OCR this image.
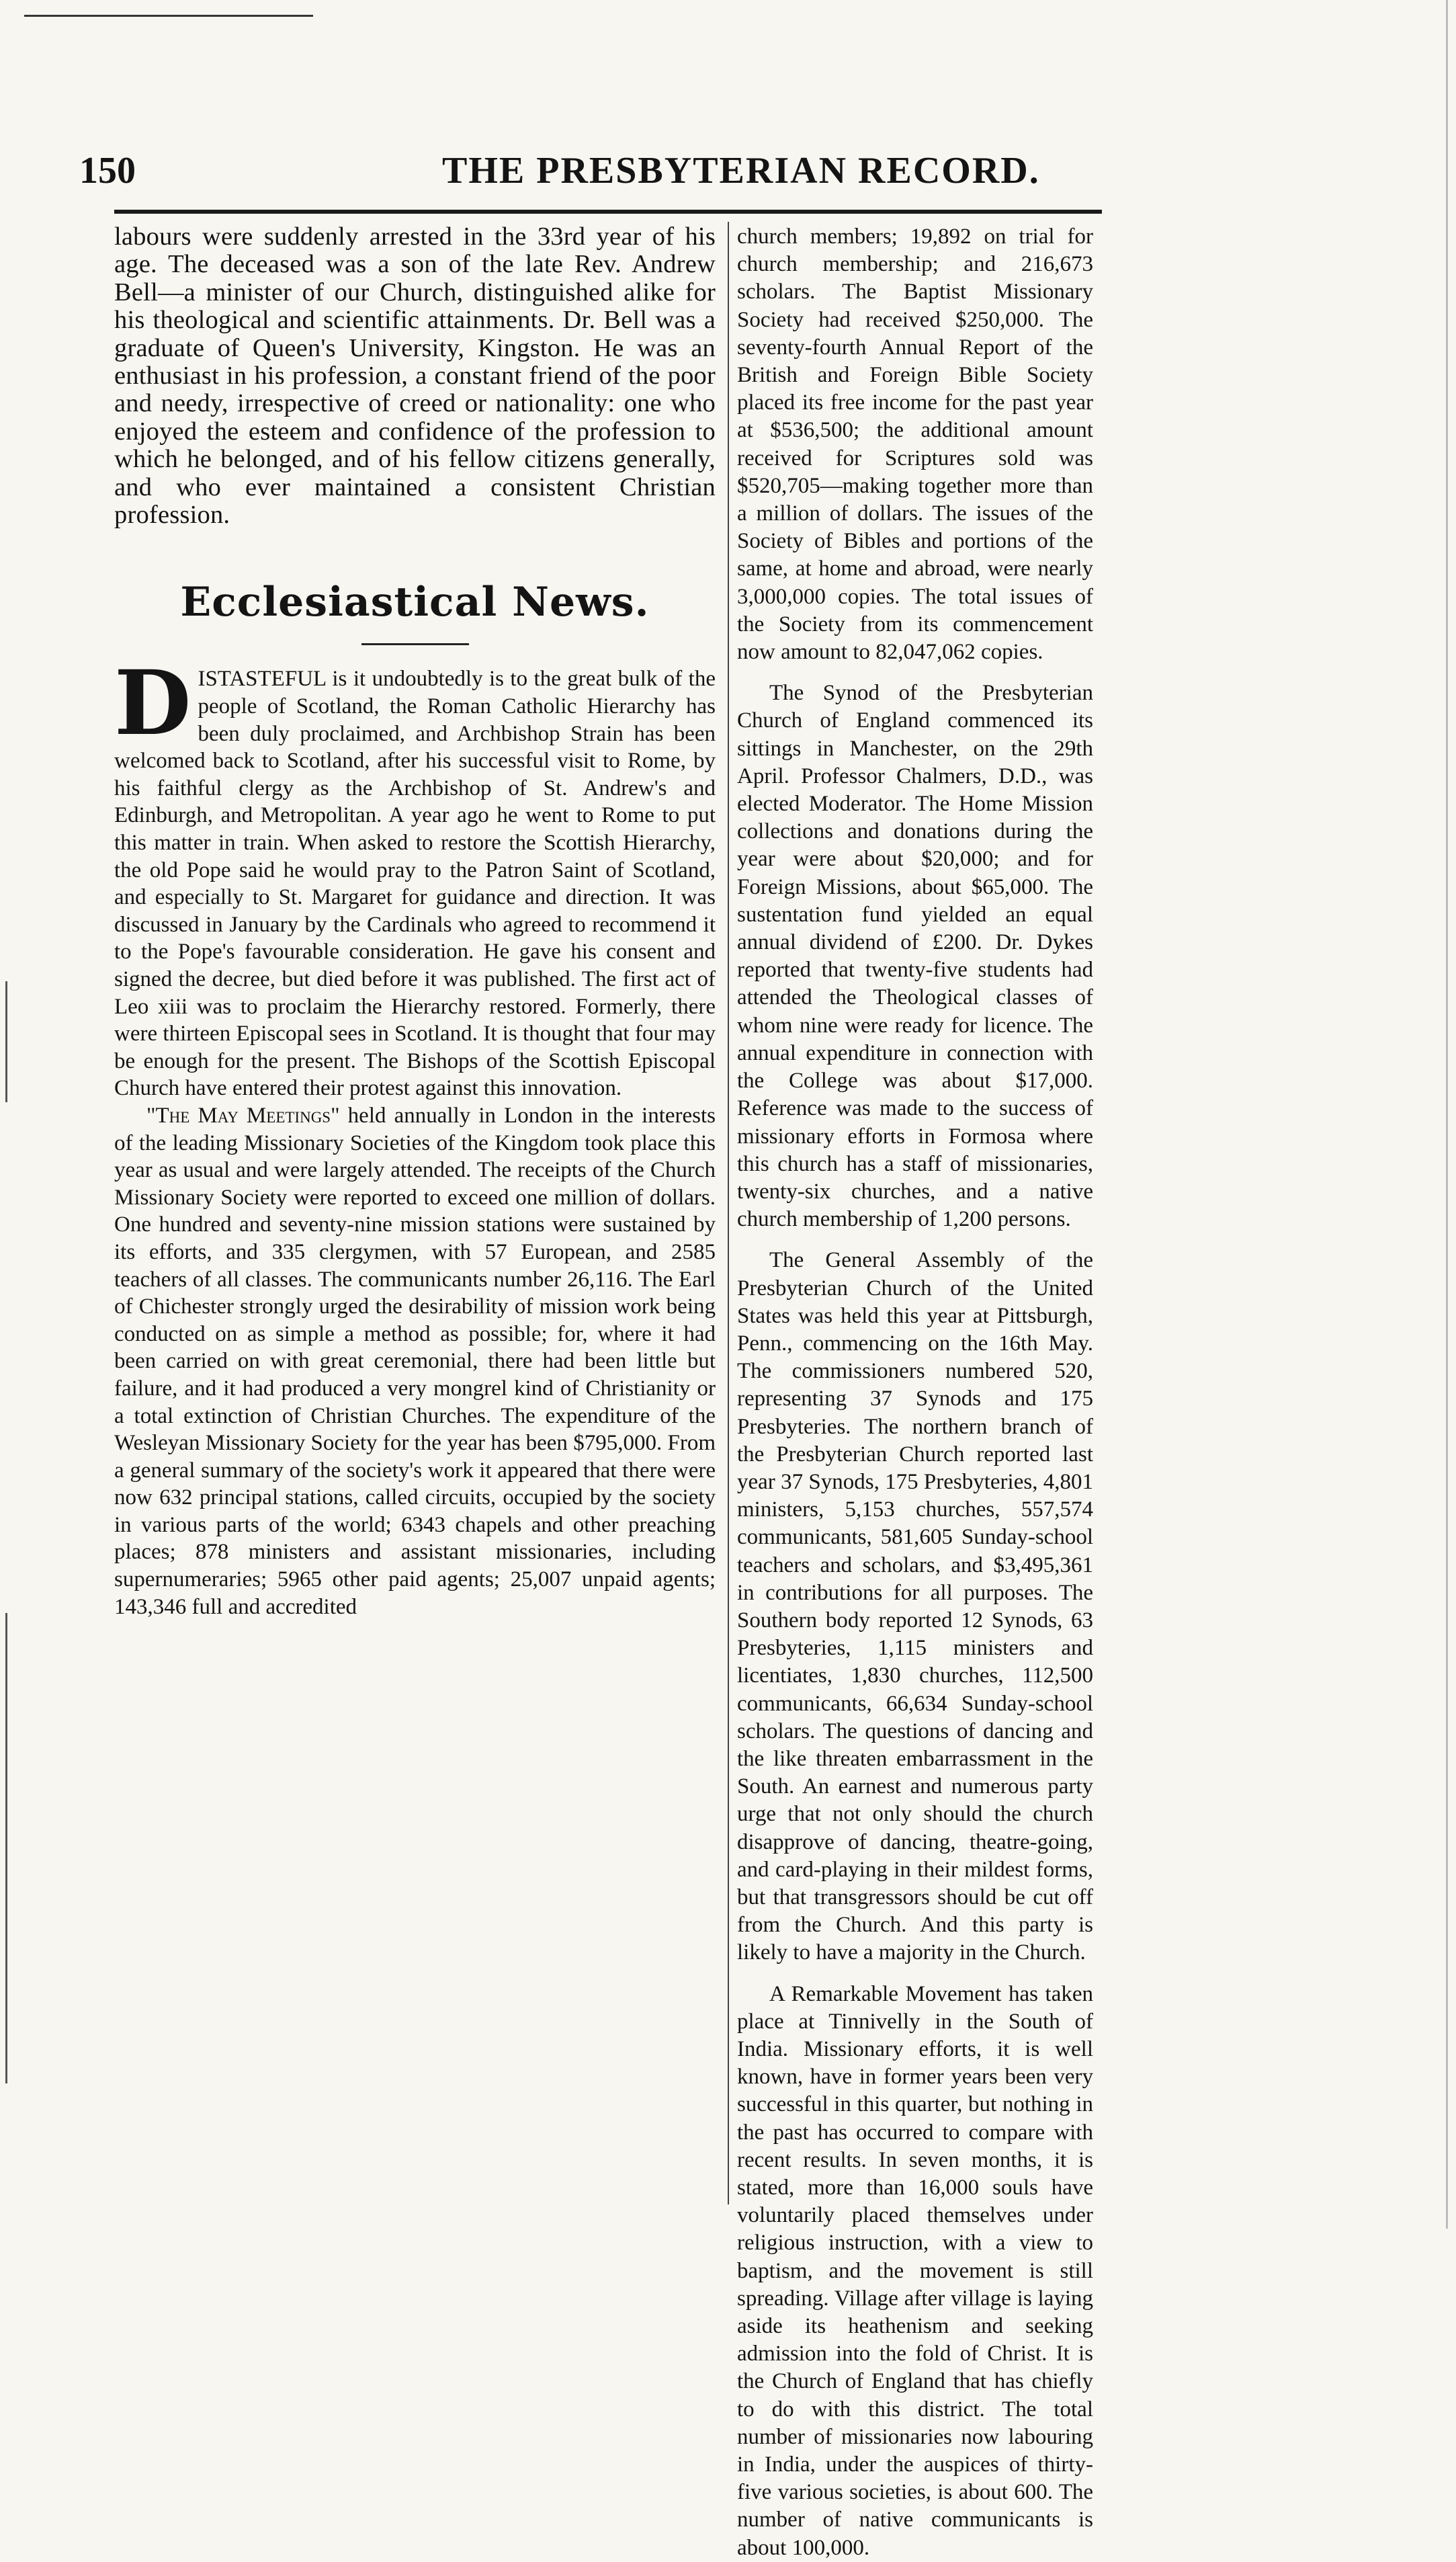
150	THE PRESBYTERIAN RECORD.

labours were suddenly arrested in the 33rd year of his age. The deceased was a son of the late Rev. Andrew Bell—a minister of our Church, distinguished alike for his theological and scientific attainments. Dr. Bell was a graduate of Queen's University, Kingston. He was an enthusiast in his profession, a constant friend of the poor and needy, irrespective of creed or nationality: one who enjoyed the esteem and confidence of the profession to which he belonged, and of his fellow citizens generally, and who ever maintained a consistent Christian profession.

Ecclesiastical News.

DISTASTEFUL is it undoubtedly is to the great bulk of the people of Scotland, the Roman Catholic Hierarchy has been duly proclaimed, and Archbishop Strain has been welcomed back to Scotland, after his successful visit to Rome, by his faithful clergy as the Archbishop of St. Andrew's and Edinburgh, and Metropolitan. A year ago he went to Rome to put this matter in train. When asked to restore the Scottish Hierarchy, the old Pope said he would pray to the Patron Saint of Scotland, and especially to St. Margaret for guidance and direction. It was discussed in January by the Cardinals who agreed to recommend it to the Pope's favourable consideration. He gave his consent and signed the decree, but died before it was published. The first act of Leo xiii was to proclaim the Hierarchy restored. Formerly, there were thirteen Episcopal sees in Scotland. It is thought that four may be enough for the present. The Bishops of the Scottish Episcopal Church have entered their protest against this innovation.

"The May Meetings" held annually in London in the interests of the leading Missionary Societies of the Kingdom took place this year as usual and were largely attended. The receipts of the Church Missionary Society were reported to exceed one million of dollars. One hundred and seventy-nine mission stations were sustained by its efforts, and 335 clergymen, with 57 European, and 2585 teachers of all classes. The communicants number 26,116. The Earl of Chichester strongly urged the desirability of mission work being conducted on as simple a method as possible; for, where it had been carried on with great ceremonial, there had been little but failure, and it had produced a very mongrel kind of Christianity or a total extinction of Christian Churches. The expenditure of the Wesleyan Missionary Society for the year has been $795,000. From a general summary of the society's work it appeared that there were now 632 principal stations, called circuits, occupied by the society in various parts of the world; 6343 chapels and other preaching places; 878 ministers and assistant missionaries, including supernumeraries; 5965 other paid agents; 25,007 unpaid agents; 143,346 full and accredited

church members; 19,892 on trial for church membership; and 216,673 scholars. The Baptist Missionary Society had received $250,000. The seventy-fourth Annual Report of the British and Foreign Bible Society placed its free income for the past year at $536,500; the additional amount received for Scriptures sold was $520,705—making together more than a million of dollars. The issues of the Society of Bibles and portions of the same, at home and abroad, were nearly 3,000,000 copies. The total issues of the Society from its commencement now amount to 82,047,062 copies.

The Synod of the Presbyterian Church of England commenced its sittings in Manchester, on the 29th April. Professor Chalmers, D.D., was elected Moderator. The Home Mission collections and donations during the year were about $20,000; and for Foreign Missions, about $65,000. The sustentation fund yielded an equal annual dividend of £200. Dr. Dykes reported that twenty-five students had attended the Theological classes of whom nine were ready for licence. The annual expenditure in connection with the College was about $17,000. Reference was made to the success of missionary efforts in Formosa where this church has a staff of missionaries, twenty-six churches, and a native church membership of 1,200 persons.

The General Assembly of the Presbyterian Church of the United States was held this year at Pittsburgh, Penn., commencing on the 16th May. The commissioners numbered 520, representing 37 Synods and 175 Presbyteries. The northern branch of the Presbyterian Church reported last year 37 Synods, 175 Presbyteries, 4,801 ministers, 5,153 churches, 557,574 communicants, 581,605 Sunday-school teachers and scholars, and $3,495,361 in contributions for all purposes. The Southern body reported 12 Synods, 63 Presbyteries, 1,115 ministers and licentiates, 1,830 churches, 112,500 communicants, 66,634 Sunday-school scholars. The questions of dancing and the like threaten embarrassment in the South. An earnest and numerous party urge that not only should the church disapprove of dancing, theatre-going, and card-playing in their mildest forms, but that transgressors should be cut off from the Church. And this party is likely to have a majority in the Church.

A Remarkable Movement has taken place at Tinnivelly in the South of India. Missionary efforts, it is well known, have in former years been very successful in this quarter, but nothing in the past has occurred to compare with recent results. In seven months, it is stated, more than 16,000 souls have voluntarily placed themselves under religious instruction, with a view to baptism, and the movement is still spreading. Village after village is laying aside its heathenism and seeking admission into the fold of Christ. It is the Church of England that has chiefly to do with this district. The total number of missionaries now labouring in India, under the auspices of thirty-five various societies, is about 600. The number of native communicants is about 100,000.
